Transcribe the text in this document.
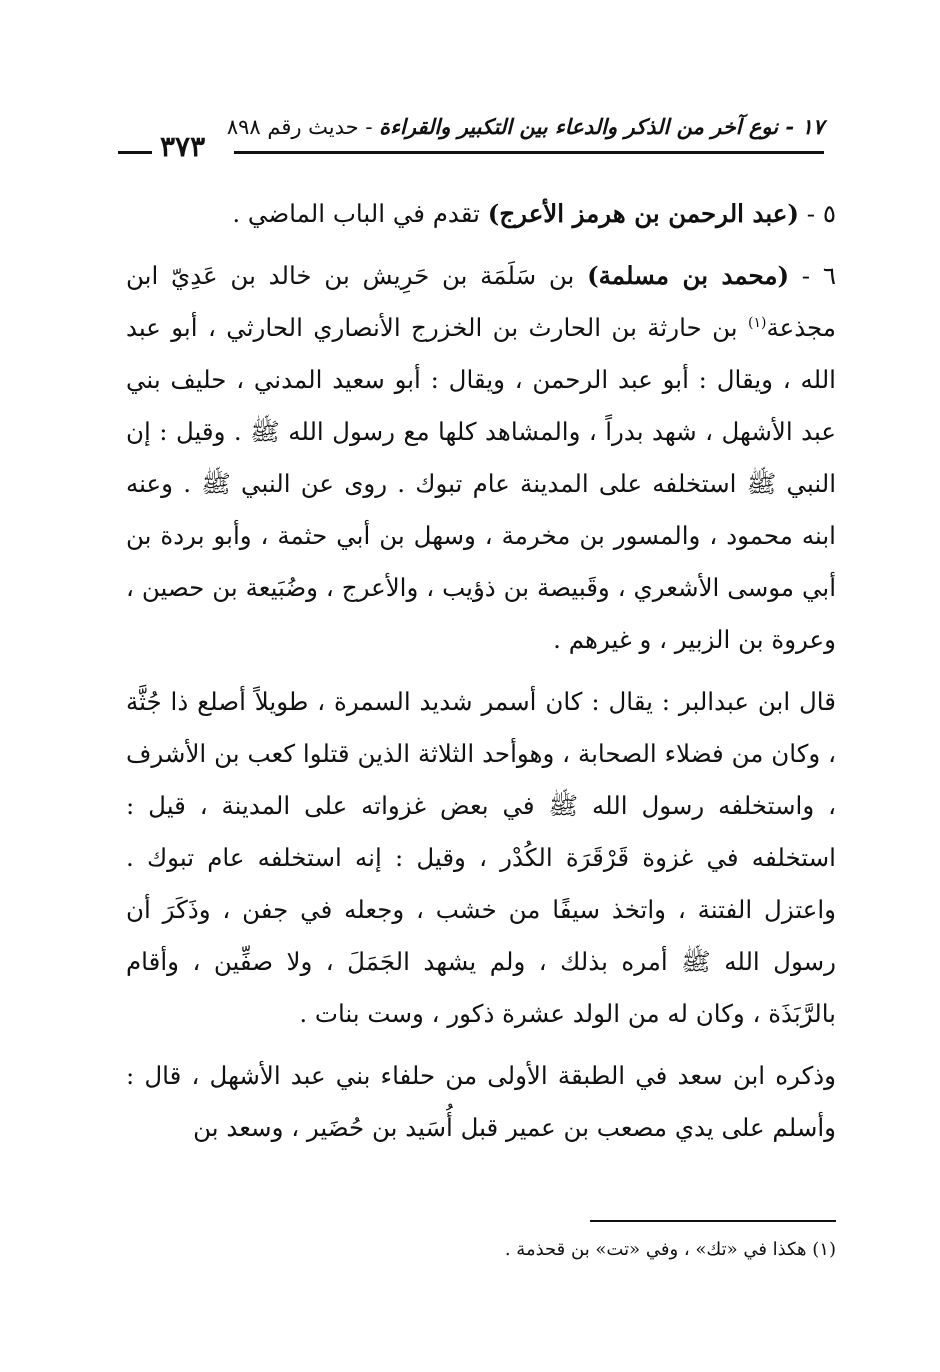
١٧ - نوع آخر من الذكر والدعاء بين التكبير والقراءة - حديث رقم ٨٩٨
٣٧٣

٥ - (عبد الرحمن بن هرمز الأعرج) تقدم في الباب الماضي .

٦ - (محمد بن مسلمة) بن سَلَمَة بن حَرِيش بن خالد بن عَدِيّ ابن مجذعة$^{(١)}$ بن حارثة بن الحارث بن الخزرج الأنصاري الحارثي ، أبو عبد الله ، ويقال : أبو عبد الرحمن ، ويقال : أبو سعيد المدني ، حليف بني عبد الأشهل ، شهد بدراً ، والمشاهد كلها مع رسول الله ﷺ . وقيل : إن النبي ﷺ استخلفه على المدينة عام تبوك . روى عن النبي ﷺ . وعنه ابنه محمود ، والمسور بن مخرمة ، وسهل بن أبي حثمة ، وأبو بردة بن أبي موسى الأشعري ، وقَبيصة بن ذؤيب ، والأعرج ، وضُبَيعة بن حصين ، وعروة بن الزبير ، و غيرهم .

قال ابن عبدالبر : يقال : كان أسمر شديد السمرة ، طويلاً أصلع ذا جُثَّة ، وكان من فضلاء الصحابة ، وهوأحد الثلاثة الذين قتلوا كعب بن الأشرف ، واستخلفه رسول الله ﷺ في بعض غزواته على المدينة ، قيل : استخلفه في غزوة قَرْقَرَة الكُدْر ، وقيل : إنه استخلفه عام تبوك . واعتزل الفتنة ، واتخذ سيفًا من خشب ، وجعله في جفن ، وذَكَرَ أن رسول الله ﷺ أمره بذلك ، ولم يشهد الجَمَلَ ، ولا صفِّين ، وأقام بالرَّبَذَة ، وكان له من الولد عشرة ذكور ، وست بنات .

وذكره ابن سعد في الطبقة الأولى من حلفاء بني عبد الأشهل ، قال : وأسلم على يدي مصعب بن عمير قبل أُسَيد بن حُضَير ، وسعد بن

(١) هكذا في «تك» ، وفي «تت» بن قحذمة .
